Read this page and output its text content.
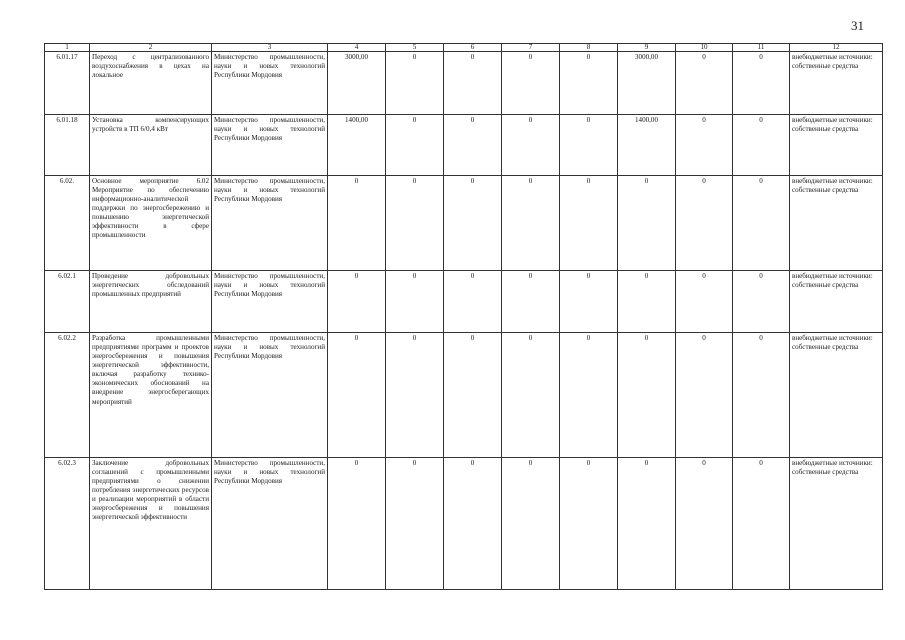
31
1	2	3	4	5	6	7	8	9	10	11	12
6.01.17	Переход с централизованного воздухоснабжения в цехах на локальное	Министерство промышленности, науки и новых технологий Республики Мордовия	3000,00	0	0	0	0	3000,00	0	0	внебюджетные источники: собственные средства
6.01.18	Установка компенсирующих устройств в ТП 6/0,4 кВт	Министерство промышленности, науки и новых технологий Республики Мордовия	1400,00	0	0	0	0	1400,00	0	0	внебюджетные источники: собственные средства
6.02.	Основное мероприятие 6.02 Мероприятие по обеспечению информационно-аналитической поддержки по энергосбережению и повышению энергетической эффективности в сфере промышленности	Министерство промышленности, науки и новых технологий Республики Мордовия	0	0	0	0	0	0	0	0	внебюджетные источники: собственные средства
6.02.1	Проведение добровольных энергетических обследований промышленных предприятий	Министерство промышленности, науки и новых технологий Республики Мордовия	0	0	0	0	0	0	0	0	внебюджетные источники: собственные средства
6.02.2	Разработка промышленными предприятиями программ и проектов энергосбережения и повышения энергетической эффективности, включая разработку технико-экономических обоснований на внедрение энергосберегающих мероприятий	Министерство промышленности, науки и новых технологий Республики Мордовия	0	0	0	0	0	0	0	0	внебюджетные источники: собственные средства
6.02.3	Заключение добровольных соглашений с промышленными предприятиями о снижении потребления энергетических ресурсов и реализации мероприятий в области энергосбережения и повышения энергетической эффективности	Министерство промышленности, науки и новых технологий Республики Мордовия	0	0	0	0	0	0	0	0	внебюджетные источники: собственные средства
